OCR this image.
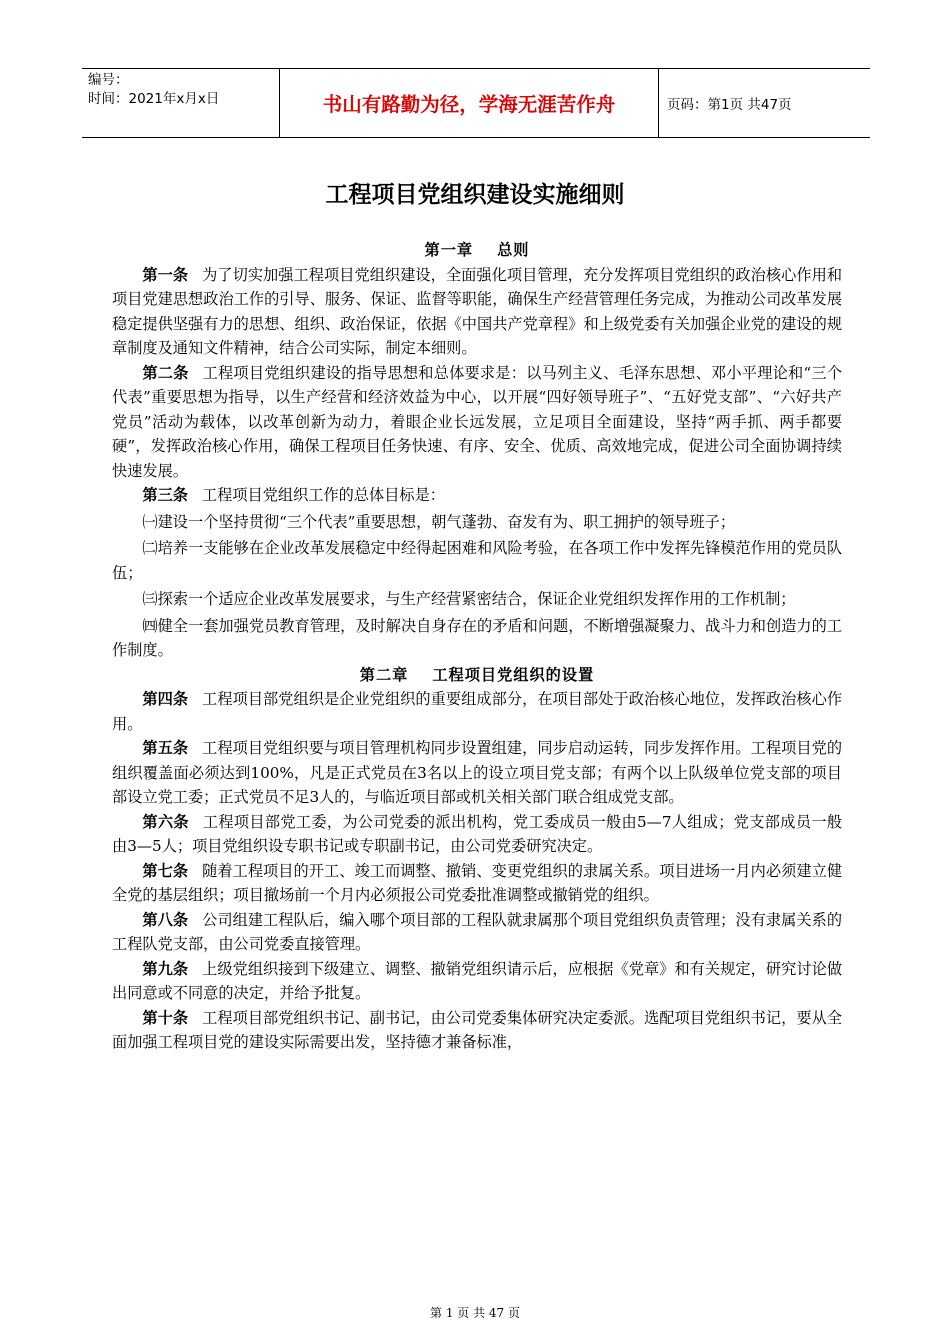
编号：
时间：2021年x月x日	书山有路勤为径，学海无涯苦作舟	页码：第1页 共47页
工程项目党组织建设实施细则

第一章 总则

第一条 为了切实加强工程项目党组织建设，全面强化项目管理，充分发挥项目党组织的政治核心作用和项目党建思想政治工作的引导、服务、保证、监督等职能，确保生产经营管理任务完成，为推动公司改革发展稳定提供坚强有力的思想、组织、政治保证，依据《中国共产党章程》和上级党委有关加强企业党的建设的规章制度及通知文件精神，结合公司实际，制定本细则。

第二条 工程项目党组织建设的指导思想和总体要求是：以马列主义、毛泽东思想、邓小平理论和“三个代表”重要思想为指导，以生产经营和经济效益为中心，以开展“四好领导班子”、“五好党支部”、“六好共产党员”活动为载体，以改革创新为动力，着眼企业长远发展，立足项目全面建设，坚持“两手抓、两手都要硬”，发挥政治核心作用，确保工程项目任务快速、有序、安全、优质、高效地完成，促进公司全面协调持续快速发展。

第三条 工程项目党组织工作的总体目标是：

㈠建设一个坚持贯彻“三个代表”重要思想，朝气蓬勃、奋发有为、职工拥护的领导班子；

㈡培养一支能够在企业改革发展稳定中经得起困难和风险考验，在各项工作中发挥先锋模范作用的党员队伍；

㈢探索一个适应企业改革发展要求，与生产经营紧密结合，保证企业党组织发挥作用的工作机制；

㈣健全一套加强党员教育管理，及时解决自身存在的矛盾和问题，不断增强凝聚力、战斗力和创造力的工作制度。

第二章 工程项目党组织的设置

第四条 工程项目部党组织是企业党组织的重要组成部分，在项目部处于政治核心地位，发挥政治核心作用。

第五条 工程项目党组织要与项目管理机构同步设置组建，同步启动运转，同步发挥作用。工程项目党的组织覆盖面必须达到100%，凡是正式党员在3名以上的设立项目党支部；有两个以上队级单位党支部的项目部设立党工委；正式党员不足3人的，与临近项目部或机关相关部门联合组成党支部。

第六条 工程项目部党工委，为公司党委的派出机构，党工委成员一般由5—7人组成；党支部成员一般由3—5人；项目党组织设专职书记或专职副书记，由公司党委研究决定。

第七条 随着工程项目的开工、竣工而调整、撤销、变更党组织的隶属关系。项目进场一月内必须建立健全党的基层组织；项目撤场前一个月内必须报公司党委批准调整或撤销党的组织。

第八条 公司组建工程队后，编入哪个项目部的工程队就隶属那个项目党组织负责管理；没有隶属关系的工程队党支部，由公司党委直接管理。

第九条 上级党组织接到下级建立、调整、撤销党组织请示后，应根据《党章》和有关规定，研究讨论做出同意或不同意的决定，并给予批复。

第十条 工程项目部党组织书记、副书记，由公司党委集体研究决定委派。选配项目党组织书记，要从全面加强工程项目党的建设实际需要出发，坚持德才兼备标准，

第 1 页 共 47 页
